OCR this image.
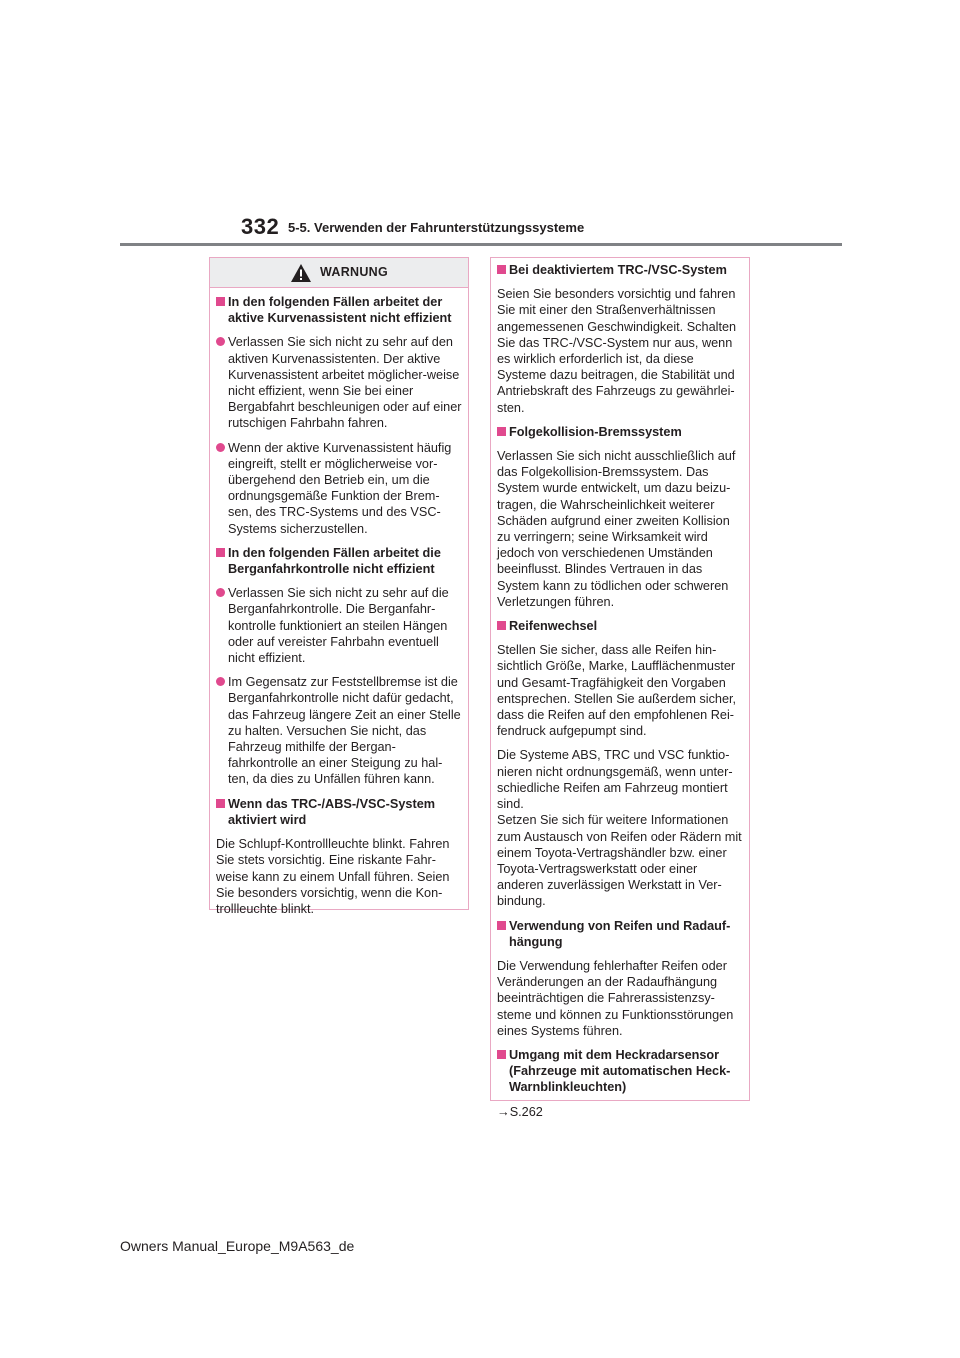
332 5-5. Verwenden der Fahrunterstützungssysteme
WARNUNG
In den folgenden Fällen arbeitet der aktive Kurvenassistent nicht effizient
Verlassen Sie sich nicht zu sehr auf den aktiven Kurvenassistenten. Der aktive Kurvenassistent arbeitet möglicher-weise nicht effizient, wenn Sie bei einer Bergabfahrt beschleunigen oder auf einer rutschigen Fahrbahn fahren.
Wenn der aktive Kurvenassistent häufig eingreift, stellt er möglicherweise vor-übergehend den Betrieb ein, um die ordnungsgemäße Funktion der Brem-sen, des TRC-Systems und des VSC-Systems sicherzustellen.
In den folgenden Fällen arbeitet die Berganfahrkontrolle nicht effizient
Verlassen Sie sich nicht zu sehr auf die Berganfahrkontrolle. Die Berganfahr-kontrolle funktioniert an steilen Hängen oder auf vereister Fahrbahn eventuell nicht effizient.
Im Gegensatz zur Feststellbremse ist die Berganfahrkontrolle nicht dafür gedacht, das Fahrzeug längere Zeit an einer Stelle zu halten. Versuchen Sie nicht, das Fahrzeug mithilfe der Bergan-fahrkontrolle an einer Steigung zu hal-ten, da dies zu Unfällen führen kann.
Wenn das TRC-/ABS-/VSC-System aktiviert wird

Die Schlupf-Kontrollleuchte blinkt. Fahren Sie stets vorsichtig. Eine riskante Fahr-weise kann zu einem Unfall führen. Seien Sie besonders vorsichtig, wenn die Kon-trollleuchte blinkt.

Bei deaktiviertem TRC-/VSC-System

Seien Sie besonders vorsichtig und fahren Sie mit einer den Straßenverhältnissen angemessenen Geschwindigkeit. Schalten Sie das TRC-/VSC-System nur aus, wenn es wirklich erforderlich ist, da diese Systeme dazu beitragen, die Stabilität und Antriebskraft des Fahrzeugs zu gewährlei-sten.

Folgekollision-Bremssystem

Verlassen Sie sich nicht ausschließlich auf das Folgekollision-Bremssystem. Das System wurde entwickelt, um dazu beizu-tragen, die Wahrscheinlichkeit weiterer Schäden aufgrund einer zweiten Kollision zu verringern; seine Wirksamkeit wird jedoch von verschiedenen Umständen beeinflusst. Blindes Vertrauen in das System kann zu tödlichen oder schweren Verletzungen führen.

Reifenwechsel

Stellen Sie sicher, dass alle Reifen hin-sichtlich Größe, Marke, Laufflächenmuster und Gesamt-Tragfähigkeit den Vorgaben entsprechen. Stellen Sie außerdem sicher, dass die Reifen auf den empfohlenen Rei-fendruck aufgepumpt sind.

Die Systeme ABS, TRC und VSC funktio-nieren nicht ordnungsgemäß, wenn unter-schiedliche Reifen am Fahrzeug montiert sind.
Setzen Sie sich für weitere Informationen zum Austausch von Reifen oder Rädern mit einem Toyota-Vertragshändler bzw. einer Toyota-Vertragswerkstatt oder einer anderen zuverlässigen Werkstatt in Ver-bindung.

Verwendung von Reifen und Radauf-hängung

Die Verwendung fehlerhafter Reifen oder Veränderungen an der Radaufhängung beeinträchtigen die Fahrerassistenzsy-steme und können zu Funktionsstörungen eines Systems führen.

Umgang mit dem Heckradarsensor (Fahrzeuge mit automatischen Heck-Warnblinkleuchten)

→S.262

Owners Manual_Europe_M9A563_de
